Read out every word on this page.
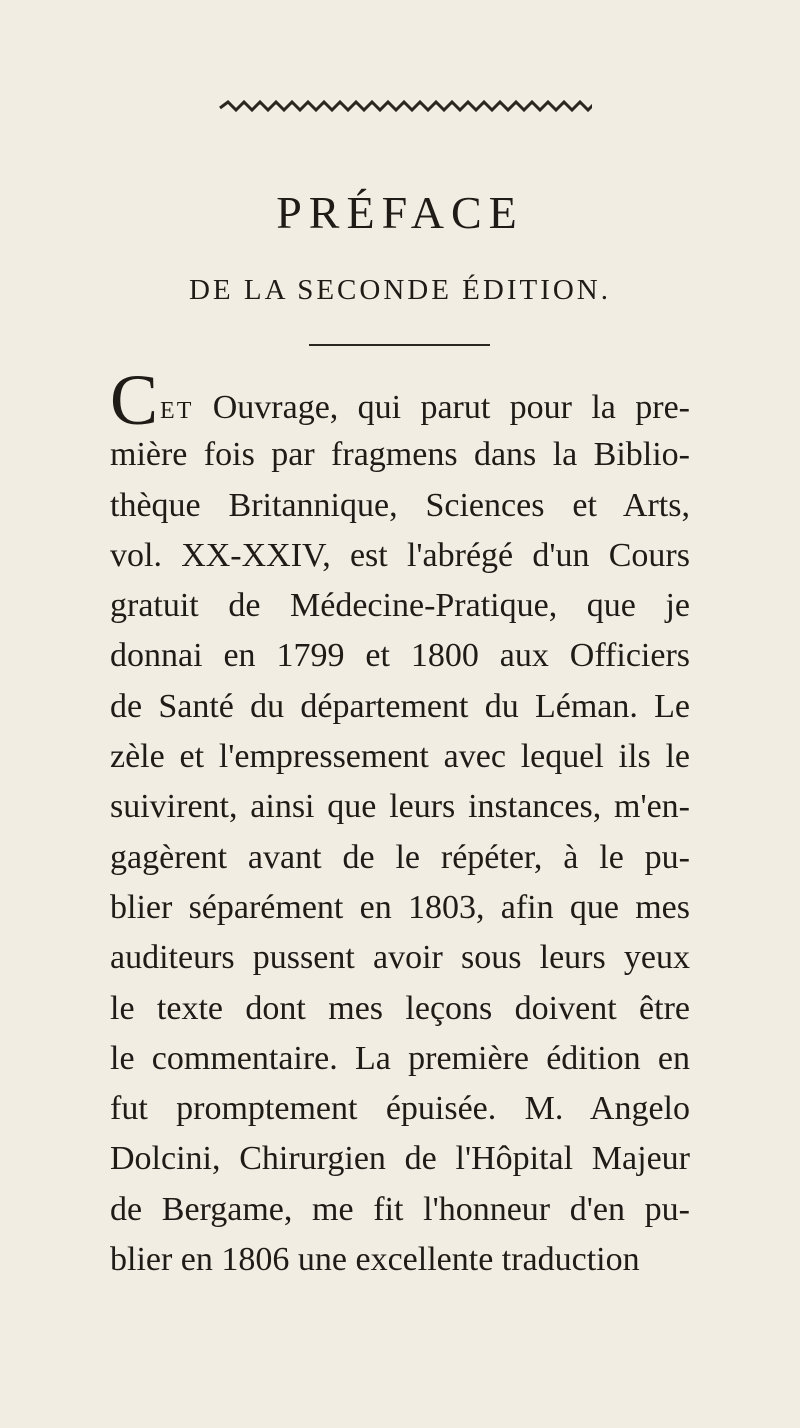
PRÉFACE
DE LA SECONDE ÉDITION.
CET Ouvrage, qui parut pour la pre-
mière fois par fragmens dans la Biblio-
thèque Britannique, Sciences et Arts,
vol. XX-XXIV, est l'abrégé d'un Cours
gratuit de Médecine-Pratique, que je
donnai en 1799 et 1800 aux Officiers
de Santé du département du Léman. Le
zèle et l'empressement avec lequel ils le
suivirent, ainsi que leurs instances, m'en-
gagèrent avant de le répéter, à le pu-
blier séparément en 1803, afin que mes
auditeurs pussent avoir sous leurs yeux
le texte dont mes leçons doivent être
le commentaire. La première édition en
fut promptement épuisée. M. Angelo
Dolcini, Chirurgien de l'Hôpital Majeur
de Bergame, me fit l'honneur d'en pu-
blier en 1806 une excellente traduction
